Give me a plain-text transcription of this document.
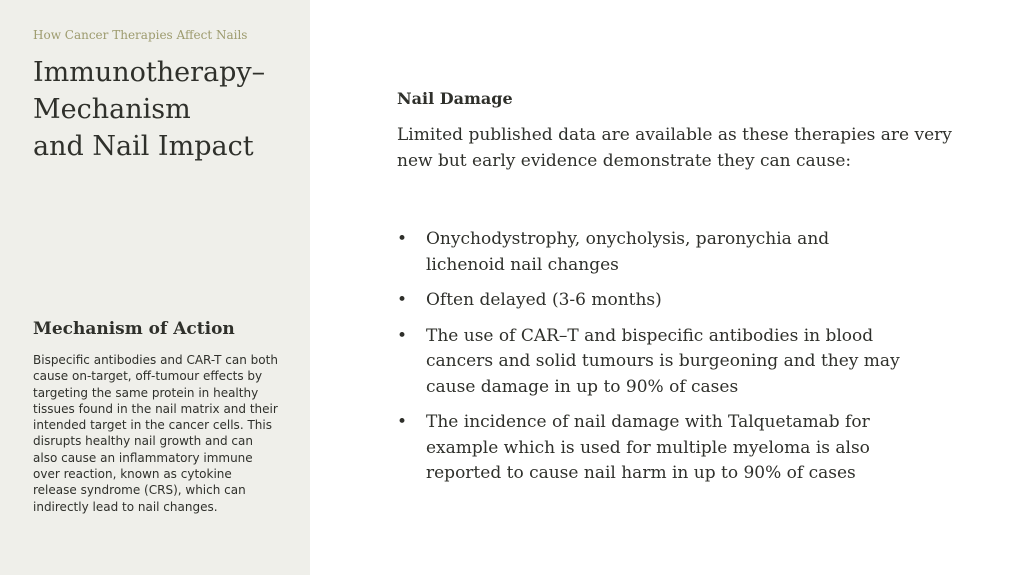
How Cancer Therapies Affect Nails
Immunotherapy–
Mechanism
and Nail Impact
Mechanism of Action

Bispecific antibodies and CAR-T can both cause on-target, off-tumour effects by targeting the same protein in healthy tissues found in the nail matrix and their intended target in the cancer cells. This disrupts healthy nail growth and can also cause an inflammatory immune over reaction, known as cytokine release syndrome (CRS), which can indirectly lead to nail changes.

Nail Damage

Limited published data are available as these therapies are very new but early evidence demonstrate they can cause:

• Onychodystrophy, onycholysis, paronychia and lichenoid nail changes
• Often delayed (3-6 months)
• The use of CAR–T and bispecific antibodies in blood cancers and solid tumours is burgeoning and they may cause damage in up to 90% of cases
• The incidence of nail damage with Talquetamab for example which is used for multiple myeloma is also reported to cause nail harm in up to 90% of cases
